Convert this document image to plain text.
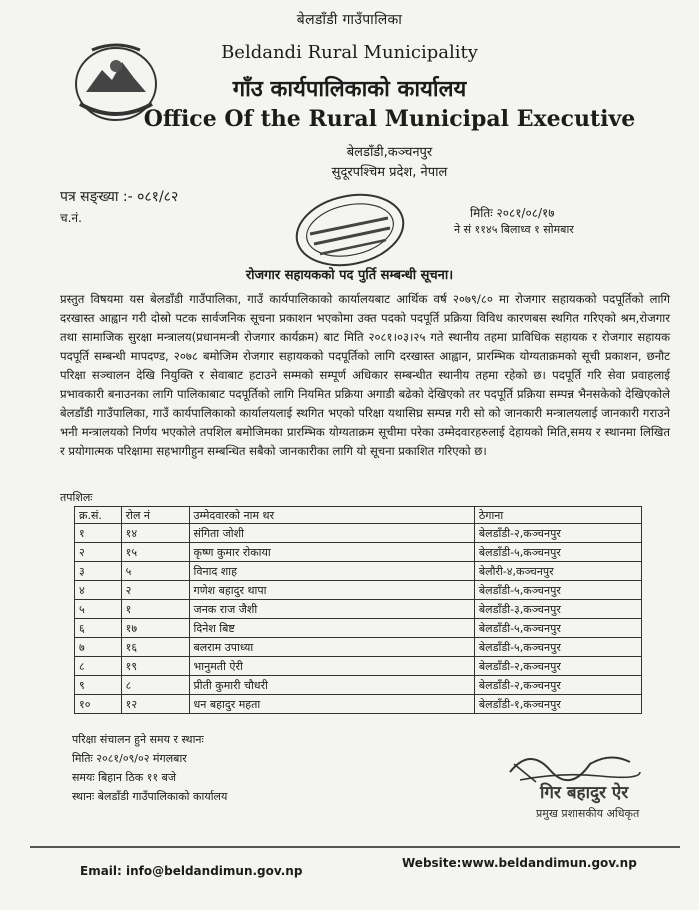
बेलडाँडी गाउँपालिका
Beldandi Rural Municipality
गाँउ कार्यपालिकाको कार्यालय
Office Of the Rural Municipal Executive
बेलडाँडी,कञ्चनपुर
सुदूरपश्चिम प्रदेश, नेपाल
पत्र सङ्ख्या :- ०८१/८२
च.नं.	मितिः २०८१/०८/१७
ने सं ११४५ बिलाध्व १ सोमबार
रोजगार सहायकको पद पुर्ति सम्बन्धी सूचना।
प्रस्तुत विषयमा यस बेलडाँडी गाउँपालिका, गाउँ कार्यपालिकाको कार्यालयबाट आर्थिक वर्ष २०७९/८० मा रोजगार सहायकको पदपूर्तिको लागि दरखास्त आह्वान गरी दोस्रो पटक सार्वजनिक सूचना प्रकाशन भएकोमा उक्त पदको पदपूर्ति प्रक्रिया विविध कारणबस स्थगित गरिएको श्रम,रोजगार तथा सामाजिक सुरक्षा मन्त्रालय(प्रधानमन्त्री रोजगार कार्यक्रम) बाट मिति २०८१।०३।२५ गते स्थानीय तहमा प्राविधिक सहायक र रोजगार सहायक पदपूर्ति सम्बन्धी मापदण्ड, २०७८ बमोजिम रोजगार सहायकको पदपूर्तिको लागि दरखास्त आह्वान, प्रारम्भिक योग्यताक्रमको सूची प्रकाशन, छनौट परिक्षा सञ्चालन देखि नियुक्ति र सेवाबाट हटाउने सम्मको सम्पूर्ण अधिकार सम्बन्धीत स्थानीय तहमा रहेको छ। पदपूर्ति गरि सेवा प्रवाहलाई प्रभावकारी बनाउनका लागि पालिकाबाट पदपूर्तिको लागि नियमित प्रक्रिया अगाडी बढेको देखिएको तर पदपूर्ति प्रक्रिया सम्पन्न भैनसकेको देखिएकोले बेलडाँडी गाउँपालिका, गाउँ कार्यपालिकाको कार्यालयलाई स्थगित भएको परिक्षा यथासिघ्र सम्पन्न गरी सो को जानकारी मन्त्रालयलाई जानकारी गराउने भनी मन्त्रालयको निर्णय भएकोले तपशिल बमोजिमका प्रारम्भिक योग्यताक्रम सूचीमा परेका उम्मेदवारहरुलाई देहायको मिति,समय र स्थानमा लिखित र प्रयोगात्मक परिक्षामा सहभागीहुन सम्बन्धित सबैको जानकारीका लागि यो सूचना प्रकाशित गरिएको छ।
तपशिलः
क्र.सं.	रोल नं	उम्मेदवारको नाम थर	ठेगाना
१	१४	संगिता जोशी	बेलडाँडी-२,कञ्चनपुर
२	१५	कृष्ण कुमार रोकाया	बेलडाँडी-५,कञ्चनपुर
३	५	विनाद शाह	बेलौरी-४,कञ्चनपुर
४	२	गणेश बहादुर थापा	बेलडाँडी-५,कञ्चनपुर
५	१	जनक राज जैशी	बेलडाँडी-३,कञ्चनपुर
६	१७	दिनेश बिष्ट	बेलडाँडी-५,कञ्चनपुर
७	१६	बलराम उपाध्या	बेलडाँडी-५,कञ्चनपुर
८	१९	भानुमती ऐरी	बेलडाँडी-२,कञ्चनपुर
९	८	प्रीती कुमारी चौधरी	बेलडाँडी-२,कञ्चनपुर
१०	१२	धन बहादुर महता	बेलडाँडी-१,कञ्चनपुर
परिक्षा संचालन हुने समय र स्थानः
मितिः २०८१/०९/०२ मंगलबार
समयः बिहान ठिक ११ बजे
स्थानः बेलडाँडी गाउँपालिकाको कार्यालय	गिर बहादुर ऐर
प्रमुख प्रशासकीय अधिकृत
Email: info@beldandimun.gov.np
Website:www.beldandimun.gov.np
